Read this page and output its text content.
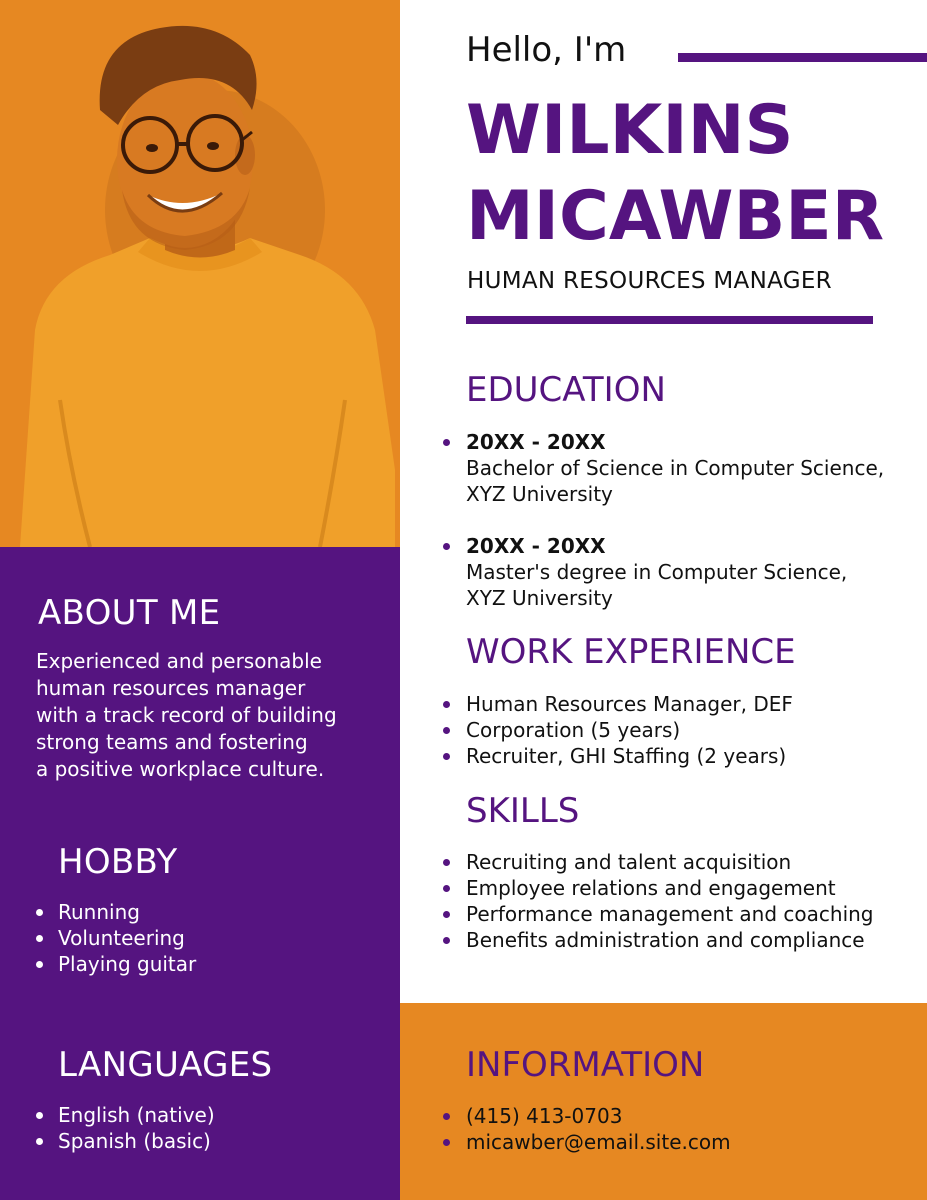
ABOUT ME
Experienced and personable
human resources manager
with a track record of building
strong teams and fostering
a positive workplace culture.
HOBBY
Running
Volunteering
Playing guitar
LANGUAGES
English (native)
Spanish (basic)
Hello, I'm
WILKINS
MICAWBER
HUMAN RESOURCES MANAGER
EDUCATION
20XX - 20XX
Bachelor of Science in Computer Science,
XYZ University
20XX - 20XX
Master's degree in Computer Science,
XYZ University
WORK EXPERIENCE
Human Resources Manager, DEF
Corporation (5 years)
Recruiter, GHI Staffing (2 years)
SKILLS
Recruiting and talent acquisition
Employee relations and engagement
Performance management and coaching
Benefits administration and compliance
INFORMATION
(415) 413-0703
micawber@email.site.com
